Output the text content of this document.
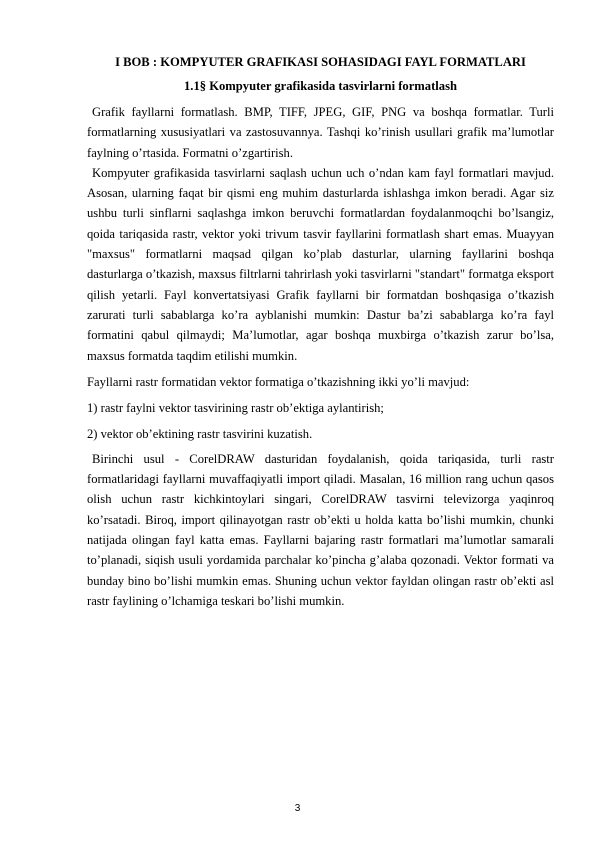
I BOB : KOMPYUTER GRAFIKASI SOHASIDAGI FAYL FORMATLARI
1.1§ Kompyuter grafikasida tasvirlarni formatlash

Grafik fayllarni formatlash. BMP, TIFF, JPEG, GIF, PNG va boshqa formatlar. Turli formatlarning xususiyatlari va zastosuvannya. Tashqi ko’rinish usullari grafik ma’lumotlar faylning o’rtasida. Formatni o’zgartirish.

Kompyuter grafikasida tasvirlarni saqlash uchun uch o’ndan kam fayl formatlari mavjud. Asosan, ularning faqat bir qismi eng muhim dasturlarda ishlashga imkon beradi. Agar siz ushbu turli sinflarni saqlashga imkon beruvchi formatlardan foydalanmoqchi bo’lsangiz, qoida tariqasida rastr, vektor yoki trivum tasvir fayllarini formatlash shart emas. Muayyan "maxsus" formatlarni maqsad qilgan ko’plab dasturlar, ularning fayllarini boshqa dasturlarga o’tkazish, maxsus filtrlarni tahrirlash yoki tasvirlarni "standart" formatga eksport qilish yetarli. Fayl konvertatsiyasi Grafik fayllarni bir formatdan boshqasiga o’tkazish zarurati turli sabablarga ko’ra ayblanishi mumkin: Dastur ba’zi sabablarga ko’ra fayl formatini qabul qilmaydi; Ma’lumotlar, agar boshqa muxbirga o’tkazish zarur bo’lsa, maxsus formatda taqdim etilishi mumkin.

Fayllarni rastr formatidan vektor formatiga o’tkazishning ikki yo’li mavjud:

1) rastr faylni vektor tasvirining rastr ob’ektiga aylantirish;

2) vektor ob’ektining rastr tasvirini kuzatish.

Birinchi usul - CorelDRAW dasturidan foydalanish, qoida tariqasida, turli rastr formatlaridagi fayllarni muvaffaqiyatli import qiladi. Masalan, 16 million rang uchun qasos olish uchun rastr kichkintoylari singari, CorelDRAW tasvirni televizorga yaqinroq ko’rsatadi. Biroq, import qilinayotgan rastr ob’ekti u holda katta bo’lishi mumkin, chunki natijada olingan fayl katta emas. Fayllarni bajaring rastr formatlari ma’lumotlar samarali to’planadi, siqish usuli yordamida parchalar ko’pincha g’alaba qozonadi. Vektor formati va bunday bino bo’lishi mumkin emas. Shuning uchun vektor fayldan olingan rastr ob’ekti asl rastr faylining o’lchamiga teskari bo’lishi mumkin.

3
